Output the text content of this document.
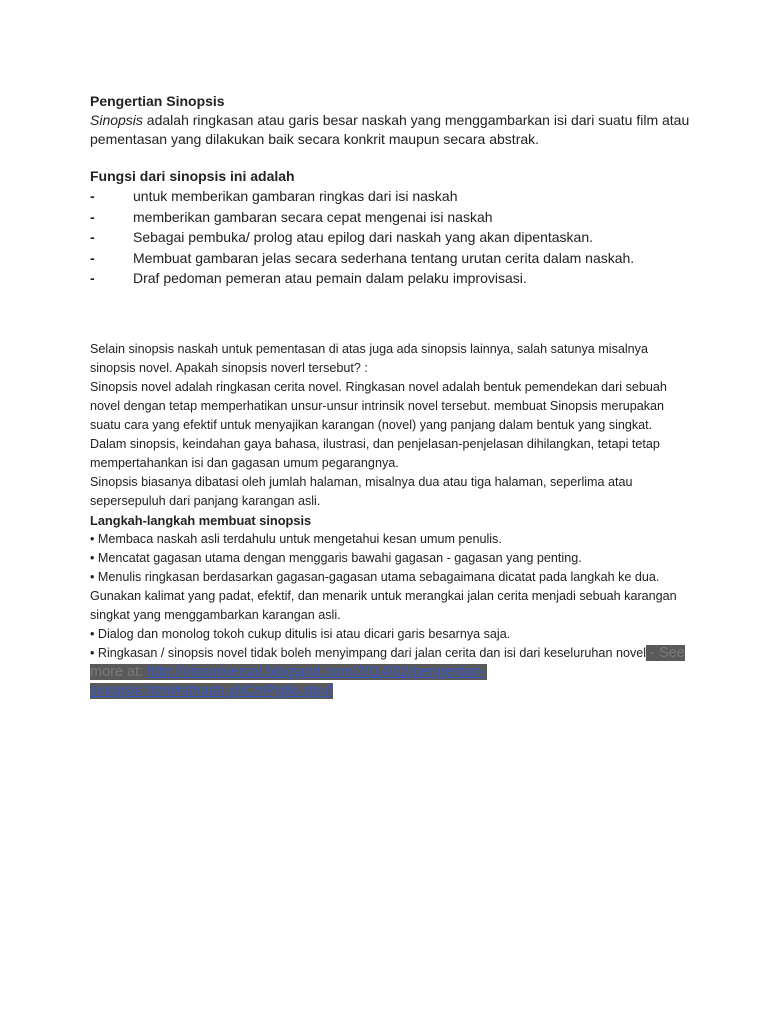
Pengertian Sinopsis

Sinopsis adalah ringkasan atau garis besar naskah yang menggambarkan isi dari suatu film atau pementasan yang dilakukan baik secara konkrit maupun secara abstrak.

Fungsi dari sinopsis ini adalah
-	untuk memberikan gambaran ringkas dari isi naskah
-	memberikan gambaran secara cepat mengenai isi naskah
-	Sebagai pembuka/ prolog atau epilog dari naskah yang akan dipentaskan.
-	Membuat gambaran jelas secara sederhana tentang urutan cerita dalam naskah.
-	Draf pedoman pemeran atau pemain dalam pelaku improvisasi.

Selain sinopsis naskah untuk pementasan di atas juga ada sinopsis lainnya, salah satunya misalnya sinopsis novel. Apakah sinopsis noverl tersebut? :

Sinopsis novel adalah ringkasan cerita novel. Ringkasan novel adalah bentuk pemendekan dari sebuah novel dengan tetap memperhatikan unsur-unsur intrinsik novel tersebut. membuat Sinopsis merupakan suatu cara yang efektif untuk menyajikan karangan (novel) yang panjang dalam bentuk yang singkat.

Dalam sinopsis, keindahan gaya bahasa, ilustrasi, dan penjelasan-penjelasan dihilangkan, tetapi tetap mempertahankan isi dan gagasan umum pegarangnya.

Sinopsis biasanya dibatasi oleh jumlah halaman, misalnya dua atau tiga halaman, seperlima atau sepersepuluh dari panjang karangan asli.

Langkah-langkah membuat sinopsis

• Membaca naskah asli terdahulu untuk mengetahui kesan umum penulis.

• Mencatat gagasan utama dengan menggaris bawahi gagasan - gagasan yang penting.

• Menulis ringkasan berdasarkan gagasan-gagasan utama sebagaimana dicatat pada langkah ke dua. Gunakan kalimat yang padat, efektif, dan menarik untuk merangkai jalan cerita menjadi sebuah karangan singkat yang menggambarkan karangan asli.

• Dialog dan monolog tokoh cukup ditulis isi atau dicari garis besarnya saja.

• Ringkasan / sinopsis novel tidak boleh menyimpang dari jalan cerita dan isi dari keseluruhan novel - See more at: http://visiuniversal.blogspot.com/2014/02/pengertian-sinopsis.html#sthash.ybCmPg8o.dpuf
